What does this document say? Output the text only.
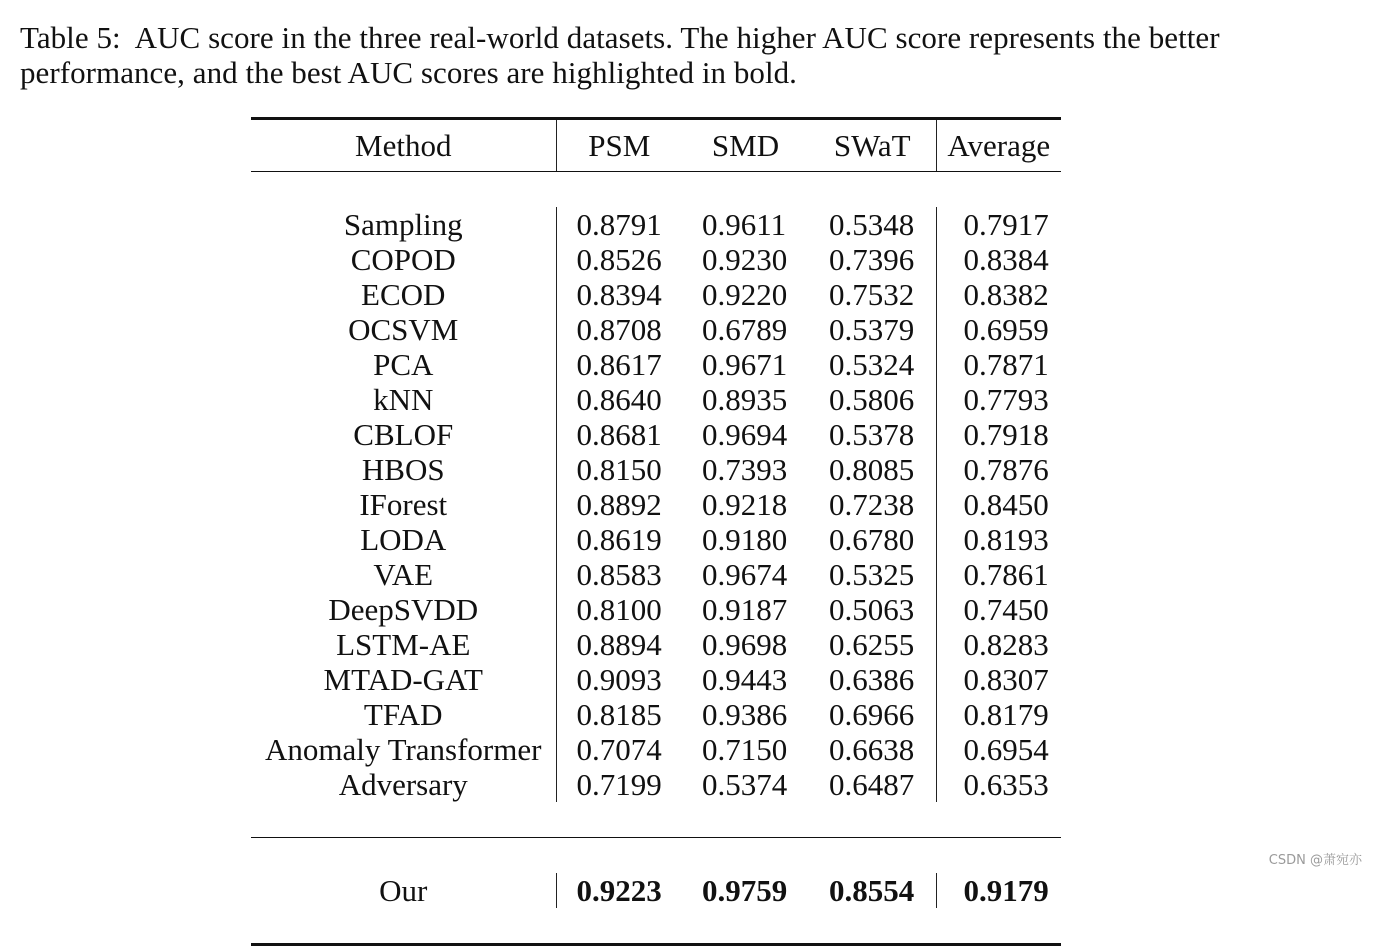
Table 5: AUC score in the three real-world datasets. The higher AUC score represents the better performance, and the best AUC scores are highlighted in bold.
Method	PSM	SMD	SWaT	Average

Sampling	0.8791	0.9611	0.5348	0.7917
COPOD	0.8526	0.9230	0.7396	0.8384
ECOD	0.8394	0.9220	0.7532	0.8382
OCSVM	0.8708	0.6789	0.5379	0.6959
PCA	0.8617	0.9671	0.5324	0.7871
kNN	0.8640	0.8935	0.5806	0.7793
CBLOF	0.8681	0.9694	0.5378	0.7918
HBOS	0.8150	0.7393	0.8085	0.7876
IForest	0.8892	0.9218	0.7238	0.8450
LODA	0.8619	0.9180	0.6780	0.8193
VAE	0.8583	0.9674	0.5325	0.7861
DeepSVDD	0.8100	0.9187	0.5063	0.7450
LSTM-AE	0.8894	0.9698	0.6255	0.8283
MTAD-GAT	0.9093	0.9443	0.6386	0.8307
TFAD	0.8185	0.9386	0.6966	0.8179
Anomaly Transformer	0.7074	0.7150	0.6638	0.6954
Adversary	0.7199	0.5374	0.6487	0.6353

Our	0.9223	0.9759	0.8554	0.9179

CSDN @萧宛亦
